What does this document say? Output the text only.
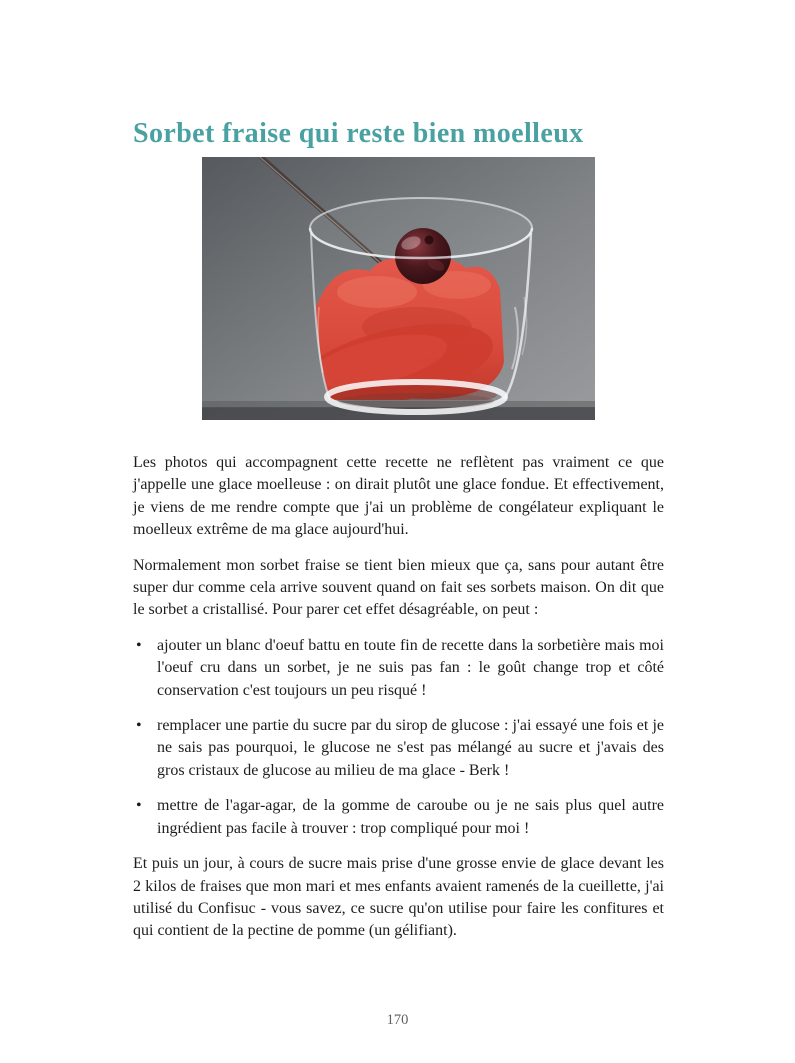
Sorbet fraise qui reste bien moelleux

Les photos qui accompagnent cette recette ne reflètent pas vraiment ce que j'appelle une glace moelleuse : on dirait plutôt une glace fondue. Et effectivement, je viens de me rendre compte que j'ai un problème de congélateur expliquant le moelleux extrême de ma glace aujourd'hui.

Normalement mon sorbet fraise se tient bien mieux que ça, sans pour autant être super dur comme cela arrive souvent quand on fait ses sorbets maison. On dit que le sorbet a cristallisé. Pour parer cet effet désagréable, on peut :

• ajouter un blanc d'oeuf battu en toute fin de recette dans la sorbetière mais moi l'oeuf cru dans un sorbet, je ne suis pas fan : le goût change trop et côté conservation c'est toujours un peu risqué !
• remplacer une partie du sucre par du sirop de glucose : j'ai essayé une fois et je ne sais pas pourquoi, le glucose ne s'est pas mélangé au sucre et j'avais des gros cristaux de glucose au milieu de ma glace - Berk !
• mettre de l'agar-agar, de la gomme de caroube ou je ne sais plus quel autre ingrédient pas facile à trouver : trop compliqué pour moi !

Et puis un jour, à cours de sucre mais prise d'une grosse envie de glace devant les 2 kilos de fraises que mon mari et mes enfants avaient ramenés de la cueillette, j'ai utilisé du Confisuc - vous savez, ce sucre qu'on utilise pour faire les confitures et qui contient de la pectine de pomme (un gélifiant).

170
